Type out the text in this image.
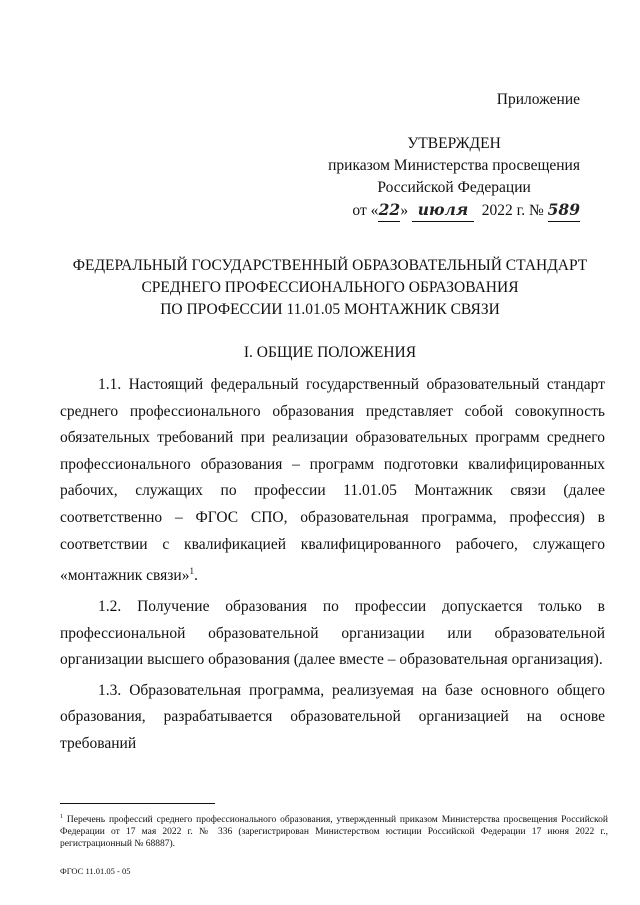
Приложение
УТВЕРЖДЕН
приказом Министерства просвещения
Российской Федерации
от «22» июля 2022 г. № 589
ФЕДЕРАЛЬНЫЙ ГОСУДАРСТВЕННЫЙ ОБРАЗОВАТЕЛЬНЫЙ СТАНДАРТ
СРЕДНЕГО ПРОФЕССИОНАЛЬНОГО ОБРАЗОВАНИЯ
ПО ПРОФЕССИИ 11.01.05 МОНТАЖНИК СВЯЗИ
I. ОБЩИЕ ПОЛОЖЕНИЯ

1.1. Настоящий федеральный государственный образовательный стандарт среднего профессионального образования представляет собой совокупность обязательных требований при реализации образовательных программ среднего профессионального образования – программ подготовки квалифицированных рабочих, служащих по профессии 11.01.05 Монтажник связи (далее соответственно – ФГОС СПО, образовательная программа, профессия) в соответствии с квалификацией квалифицированного рабочего, служащего «монтажник связи»$^1$.

1.2. Получение образования по профессии допускается только в профессиональной образовательной организации или образовательной организации высшего образования (далее вместе – образовательная организация).

1.3. Образовательная программа, реализуемая на базе основного общего образования, разрабатывается образовательной организацией на основе требований

$^1$ Перечень профессий среднего профессионального образования, утвержденный приказом Министерства просвещения Российской Федерации от 17 мая 2022 г. № 336 (зарегистрирован Министерством юстиции Российской Федерации 17 июня 2022 г., регистрационный № 68887).
ФГОС 11.01.05 - 05
